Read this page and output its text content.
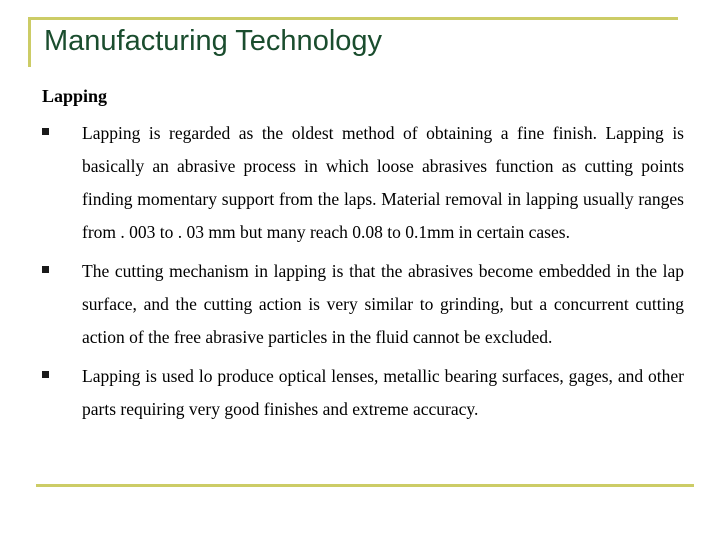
Manufacturing Technology
Lapping
Lapping is regarded as the oldest method of obtaining a fine finish. Lapping is basically an abrasive process in which loose abrasives function as cutting points finding momentary support from the laps. Material removal in lapping usually ranges from . 003 to . 03 mm but many reach 0.08 to 0.1mm in certain cases.
The cutting mechanism in lapping is that the abrasives become embedded in the lap surface, and the cutting action is very similar to grinding, but a concurrent cutting action of the free abrasive particles in the fluid cannot be excluded.
Lapping is used lo produce optical lenses, metallic bearing surfaces, gages, and other parts requiring very good finishes and extreme accuracy.
